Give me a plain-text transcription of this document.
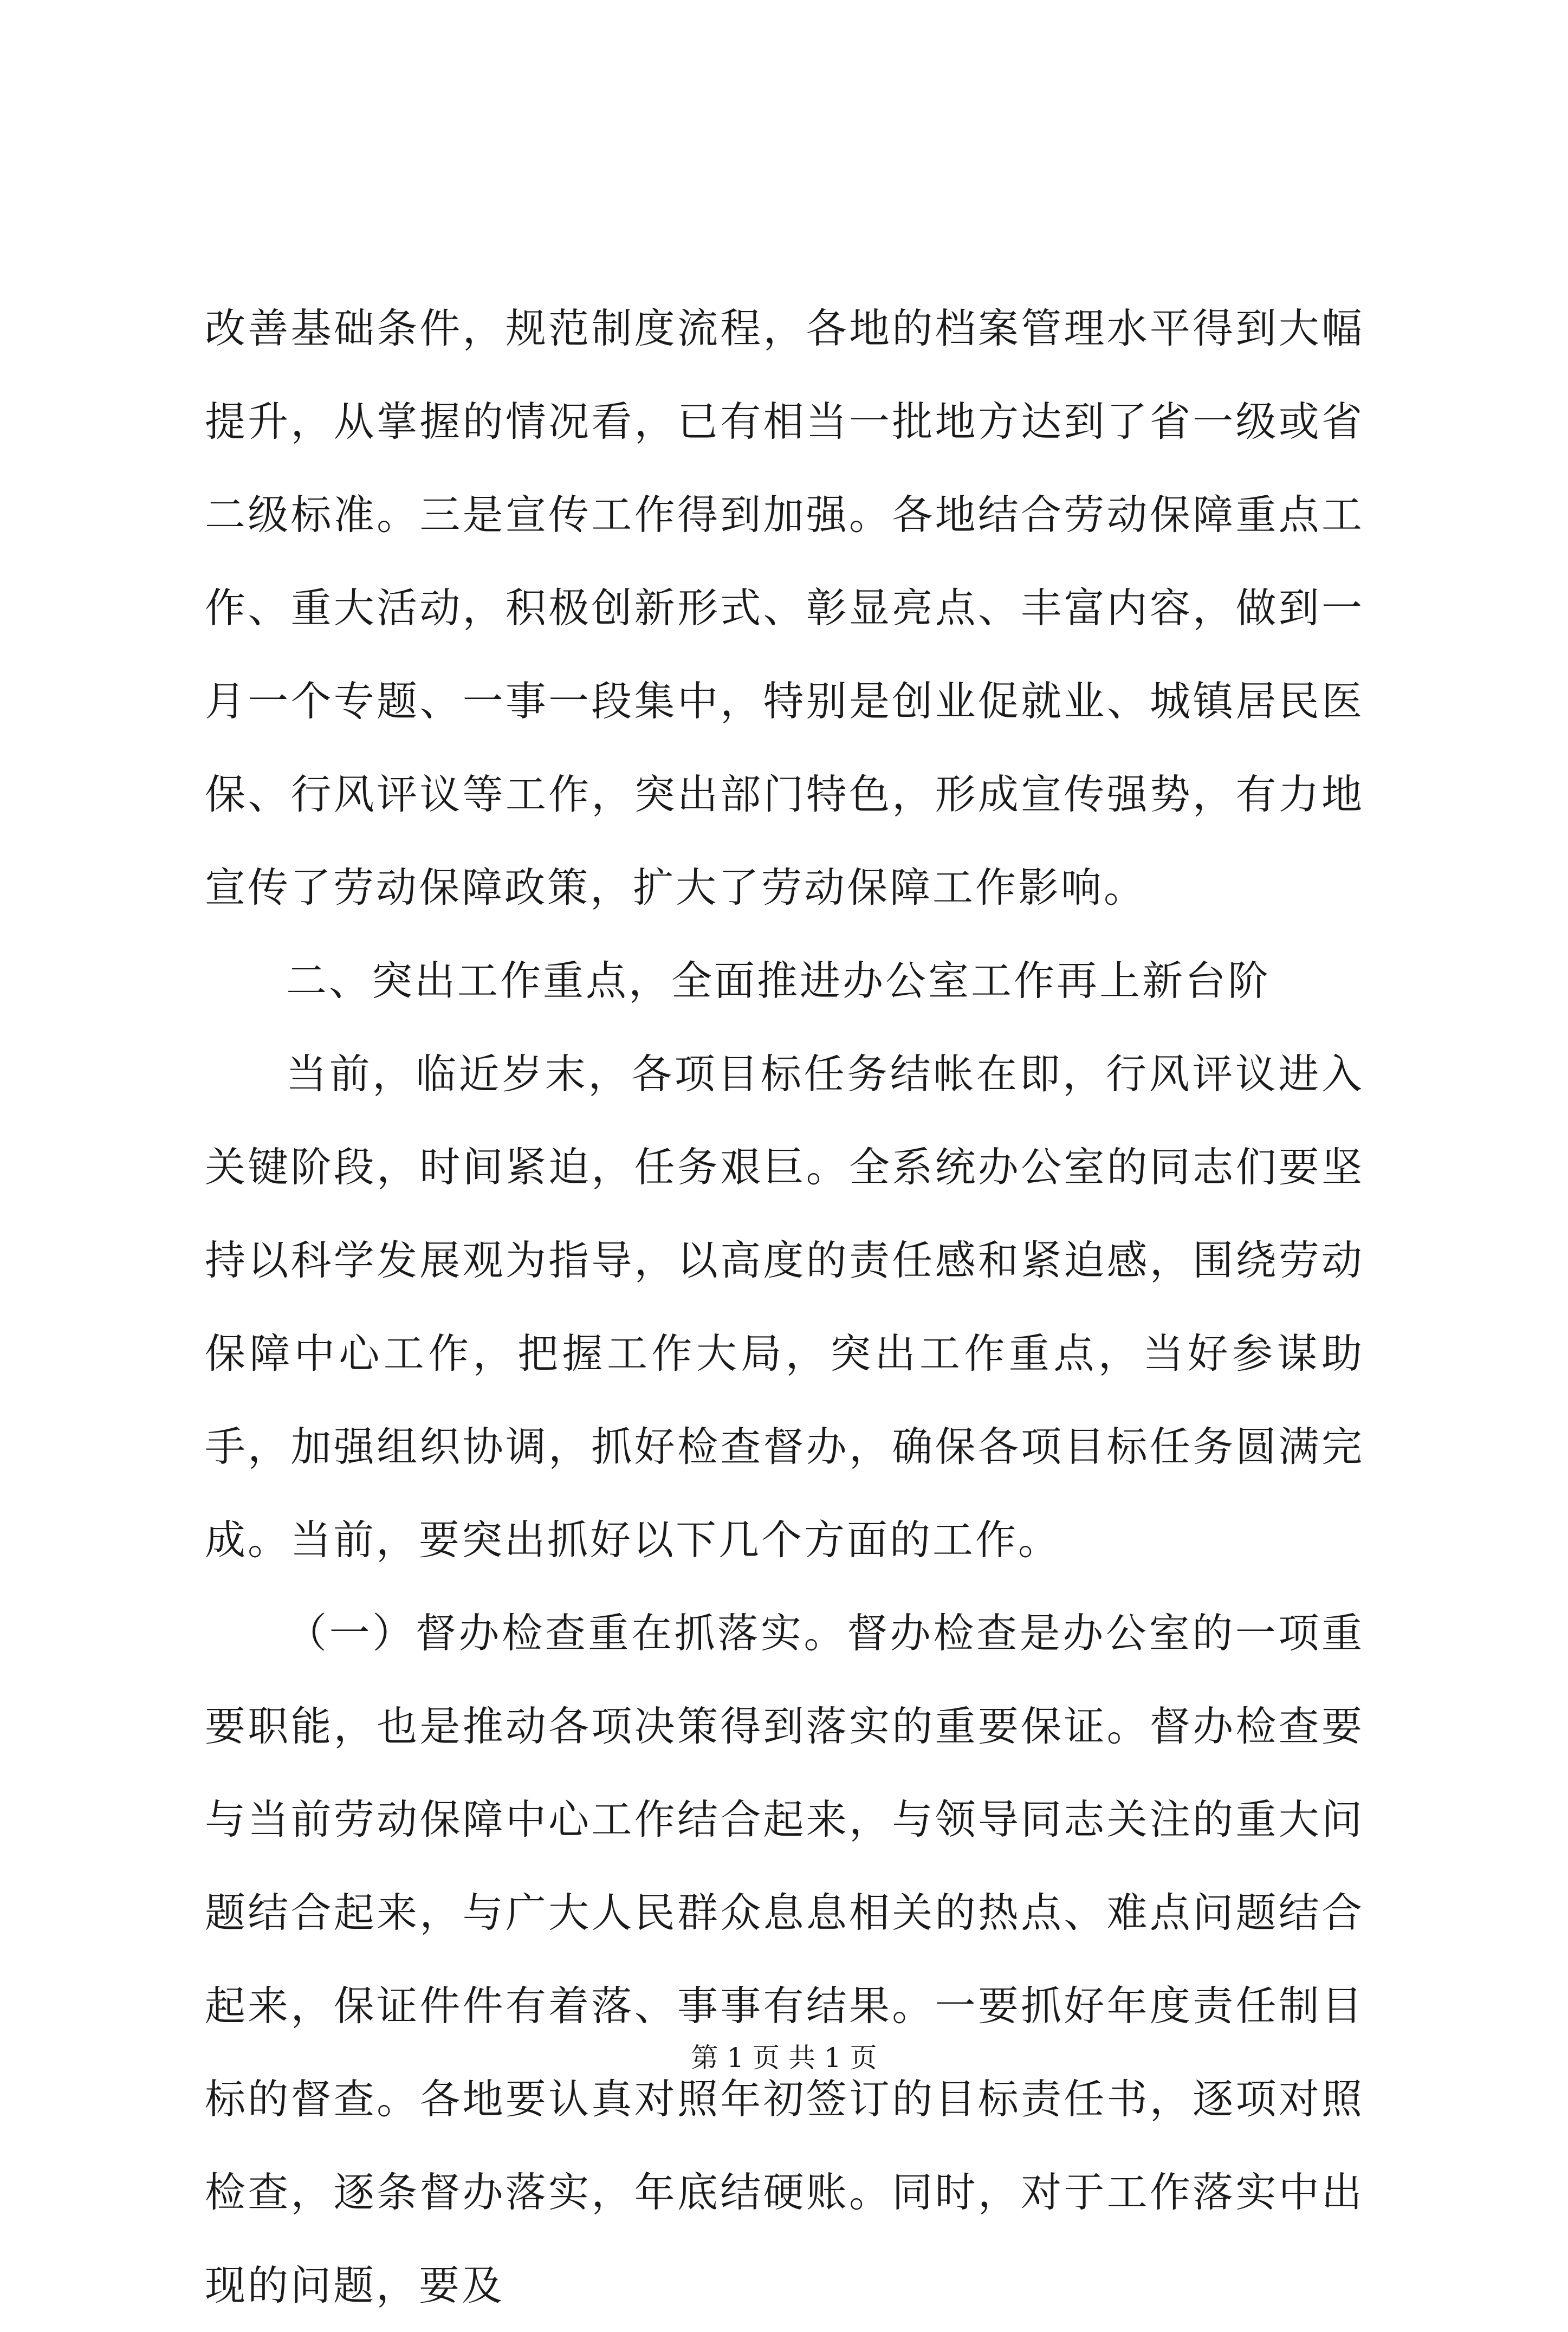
改善基础条件，规范制度流程，各地的档案管理水平得到大幅提升，从掌握的情况看，已有相当一批地方达到了省一级或省二级标准。三是宣传工作得到加强。各地结合劳动保障重点工作、重大活动，积极创新形式、彰显亮点、丰富内容，做到一月一个专题、一事一段集中，特别是创业促就业、城镇居民医保、行风评议等工作，突出部门特色，形成宣传强势，有力地宣传了劳动保障政策，扩大了劳动保障工作影响。

二、突出工作重点，全面推进办公室工作再上新台阶

当前，临近岁末，各项目标任务结帐在即，行风评议进入关键阶段，时间紧迫，任务艰巨。全系统办公室的同志们要坚持以科学发展观为指导，以高度的责任感和紧迫感，围绕劳动保障中心工作，把握工作大局，突出工作重点，当好参谋助手，加强组织协调，抓好检查督办，确保各项目标任务圆满完成。当前，要突出抓好以下几个方面的工作。

（一）督办检查重在抓落实。督办检查是办公室的一项重要职能，也是推动各项决策得到落实的重要保证。督办检查要与当前劳动保障中心工作结合起来，与领导同志关注的重大问题结合起来，与广大人民群众息息相关的热点、难点问题结合起来，保证件件有着落、事事有结果。一要抓好年度责任制目标的督查。各地要认真对照年初签订的目标责任书，逐项对照检查，逐条督办落实，年底结硬账。同时，对于工作落实中出现的问题，要及

第 1 页 共 1 页
